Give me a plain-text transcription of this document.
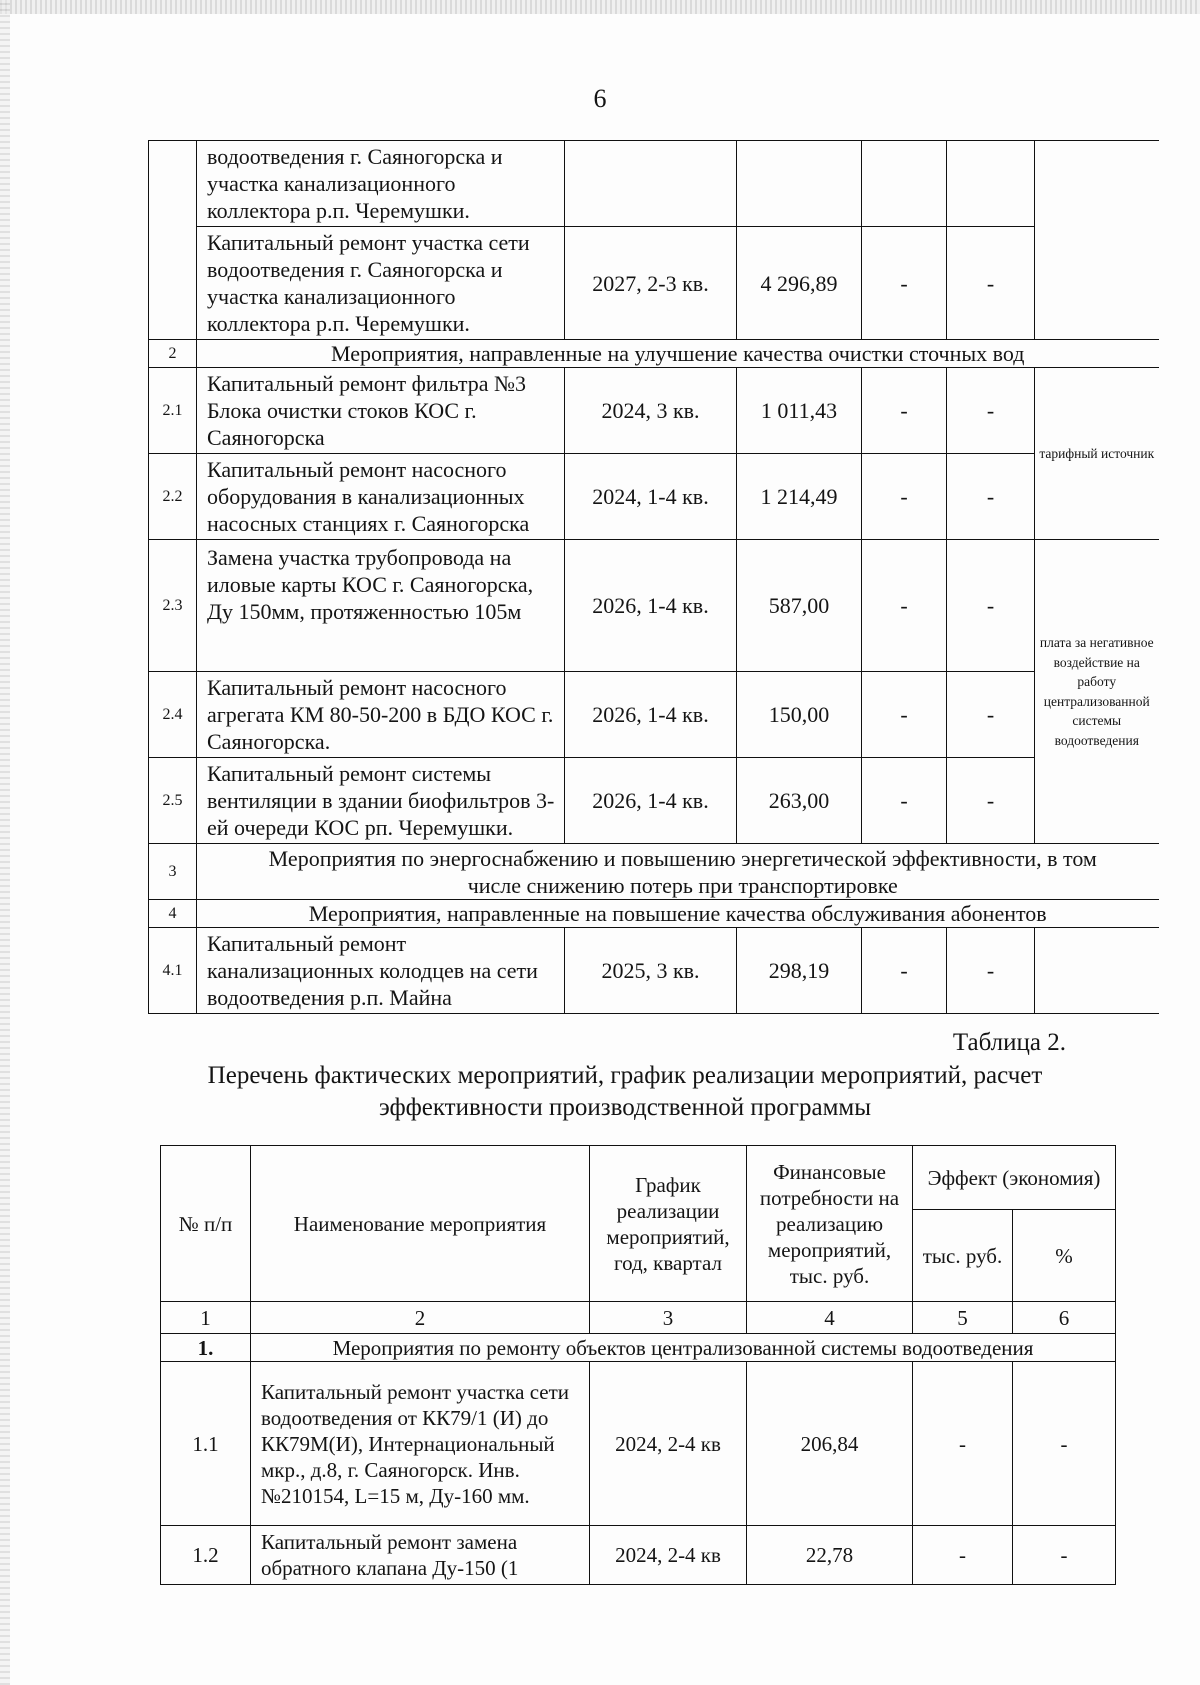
6
	водоотведения г. Саяногорска и участка канализационного коллектора р.п. Черемушки.					
	Капитальный ремонт участка сети водоотведения г. Саяногорска и участка канализационного коллектора р.п. Черемушки.	2027, 2-3 кв.	4 296,89	-	-	
2	Мероприятия, направленные на улучшение качества очистки сточных вод					
2.1	Капитальный ремонт фильтра №3 Блока очистки стоков КОС г. Саяногорска	2024, 3 кв.	1 011,43	-	-	тарифный источник
2.2	Капитальный ремонт насосного оборудования в канализационных насосных станциях г. Саяногорска	2024, 1-4 кв.	1 214,49	-	-	
2.3	Замена участка трубопровода на иловые карты КОС г. Саяногорска, Ду 150мм, протяженностью 105м	2026, 1-4 кв.	587,00	-	-	плата за негативное воздействие на работу централизованной системы водоотведения
2.4	Капитальный ремонт насосного агрегата КМ 80-50-200 в БДО КОС г. Саяногорска.	2026, 1-4 кв.	150,00	-	-	
2.5	Капитальный ремонт системы вентиляции в здании биофильтров 3-ей очереди КОС рп. Черемушки.	2026, 1-4 кв.	263,00	-	-	
3	Мероприятия по энергоснабжению и повышению энергетической эффективности, в том числе снижению потерь при транспортировке					
4	Мероприятия, направленные на повышение качества обслуживания абонентов					
4.1	Капитальный ремонт канализационных колодцев на сети водоотведения р.п. Майна	2025, 3 кв.	298,19	-	-	
Таблица 2.
Перечень фактических мероприятий, график реализации мероприятий, расчет эффективности производственной программы
№ п/п	Наименование мероприятия	График реализации мероприятий, год, квартал	Финансовые потребности на реализацию мероприятий, тыс. руб.	Эффект (экономия)	
				тыс. руб.	%
1	2	3	4	5	6
1.	Мероприятия по ремонту объектов централизованной системы водоотведения				
1.1	Капитальный ремонт участка сети водоотведения от КК79/1 (И) до КК79М(И), Интернациональный мкр., д.8, г. Саяногорск. Инв. №210154, L=15 м, Ду-160 мм.	2024, 2-4 кв	206,84	-	-
1.2	Капитальный ремонт замена обратного клапана Ду-150 (1	2024, 2-4 кв	22,78	-	-
